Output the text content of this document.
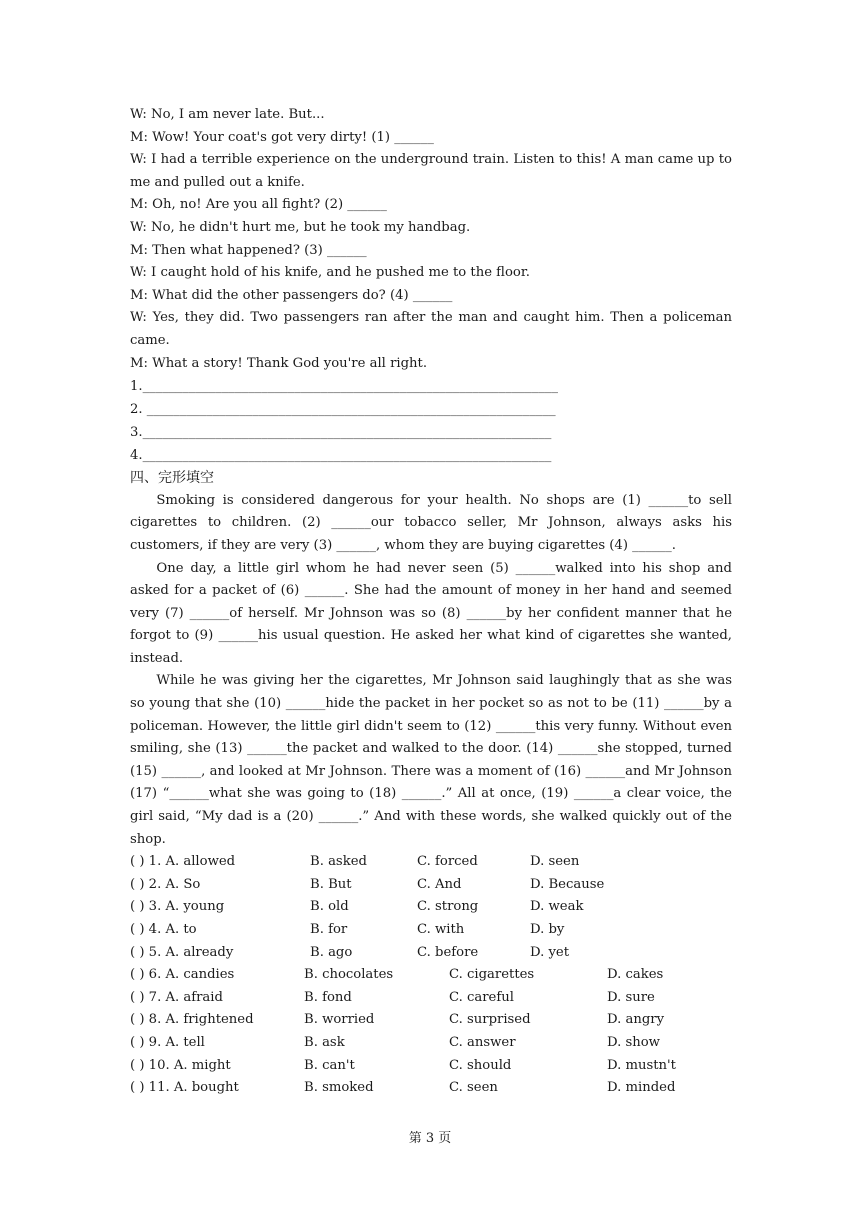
W: No, I am never late. But...
M: Wow! Your coat's got very dirty! (1) ______
W: I had a terrible experience on the underground train. Listen to this! A man came up to me and pulled out a knife.
M: Oh, no! Are you all fight? (2) ______
W: No, he didn't hurt me, but he took my handbag.
M: Then what happened? (3) ______
W: I caught hold of his knife, and he pushed me to the floor.
M: What did the other passengers do? (4) ______
W: Yes, they did. Two passengers ran after the man and caught him. Then a policeman came.
M: What a story! Thank God you're all right.
1._______________________________________________________________
2. ______________________________________________________________
3.______________________________________________________________
4.______________________________________________________________
四、完形填空

Smoking is considered dangerous for your health. No shops are (1) ______to sell cigarettes to children. (2) ______our tobacco seller, Mr Johnson, always asks his customers, if they are very (3) ______, whom they are buying cigarettes (4) ______.

One day, a little girl whom he had never seen (5) ______walked into his shop and asked for a packet of (6) ______. She had the amount of money in her hand and seemed very (7) ______of herself. Mr Johnson was so (8) ______by her confident manner that he forgot to (9) ______his usual question. He asked her what kind of cigarettes she wanted, instead.

While he was giving her the cigarettes, Mr Johnson said laughingly that as she was so young that she (10) ______hide the packet in her pocket so as not to be (11) ______by a policeman. However, the little girl didn't seem to (12) ______this very funny. Without even smiling, she (13) ______the packet and walked to the door. (14) ______she stopped, turned (15) ______, and looked at Mr Johnson. There was a moment of (16) ______and Mr Johnson (17) “______what she was going to (18) ______.” All at once, (19) ______a clear voice, the girl said, “My dad is a (20) ______.” And with these words, she walked quickly out of the shop.

( ) 1. A. allowed	B. asked	C. forced	D. seen
( ) 2. A. So	B. But	C. And	D. Because
( ) 3. A. young	B. old	C. strong	D. weak
( ) 4. A. to	B. for	C. with	D. by
( ) 5. A. already	B. ago	C. before	D. yet
( ) 6. A. candies	B. chocolates	C. cigarettes	D. cakes
( ) 7. A. afraid	B. fond	C. careful	D. sure
( ) 8. A. frightened	B. worried	C. surprised	D. angry
( ) 9. A. tell	B. ask	C. answer	D. show
( ) 10. A. might	B. can't	C. should	D. mustn't
( ) 11. A. bought	B. smoked	C. seen	D. minded
第 3 页
